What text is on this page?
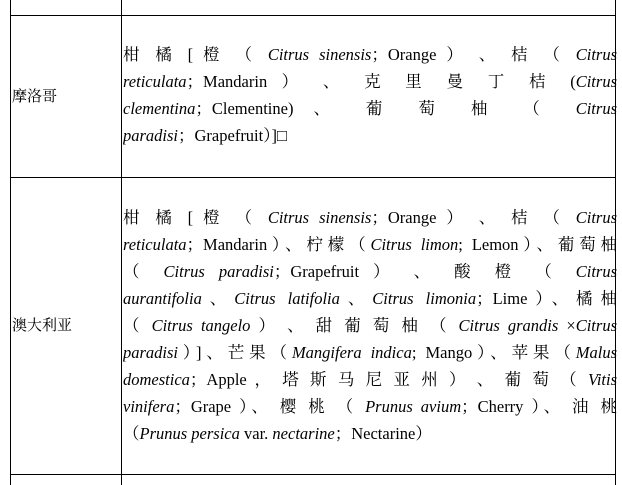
摩洛哥
柑 橘 [ 橙 （ Citrus sinensis；Orange ） 、 桔 （ Citrus
reticulata；Mandarin ） 、 克 里 曼 丁 桔 (Citrus
clementina；Clementine) 、 葡 萄 柚 （ Citrus
paradisi；Grapefruit）]□
澳大利亚
柑 橘 [ 橙 （ Citrus sinensis；Orange ） 、 桔 （ Citrus
reticulata；Mandarin）、柠檬（Citrus limon; Lemon）、葡萄柚
（ Citrus paradisi；Grapefruit ） 、 酸 橙 （ Citrus
aurantifolia、Citrus latifolia、Citrus limonia；Lime）、橘柚
（ Citrus tangelo ） 、 甜 葡 萄 柚 （ Citrus grandis ×Citrus
paradisi）]、芒果（Mangifera indica; Mango）、苹果（Malus
domestica；Apple ， 塔 斯 马 尼 亚 州 ） 、 葡 萄 （ Vitis
vinifera；Grape ）、 樱 桃 （ Prunus avium；Cherry ）、 油 桃
（Prunus persica var. nectarine；Nectarine）
